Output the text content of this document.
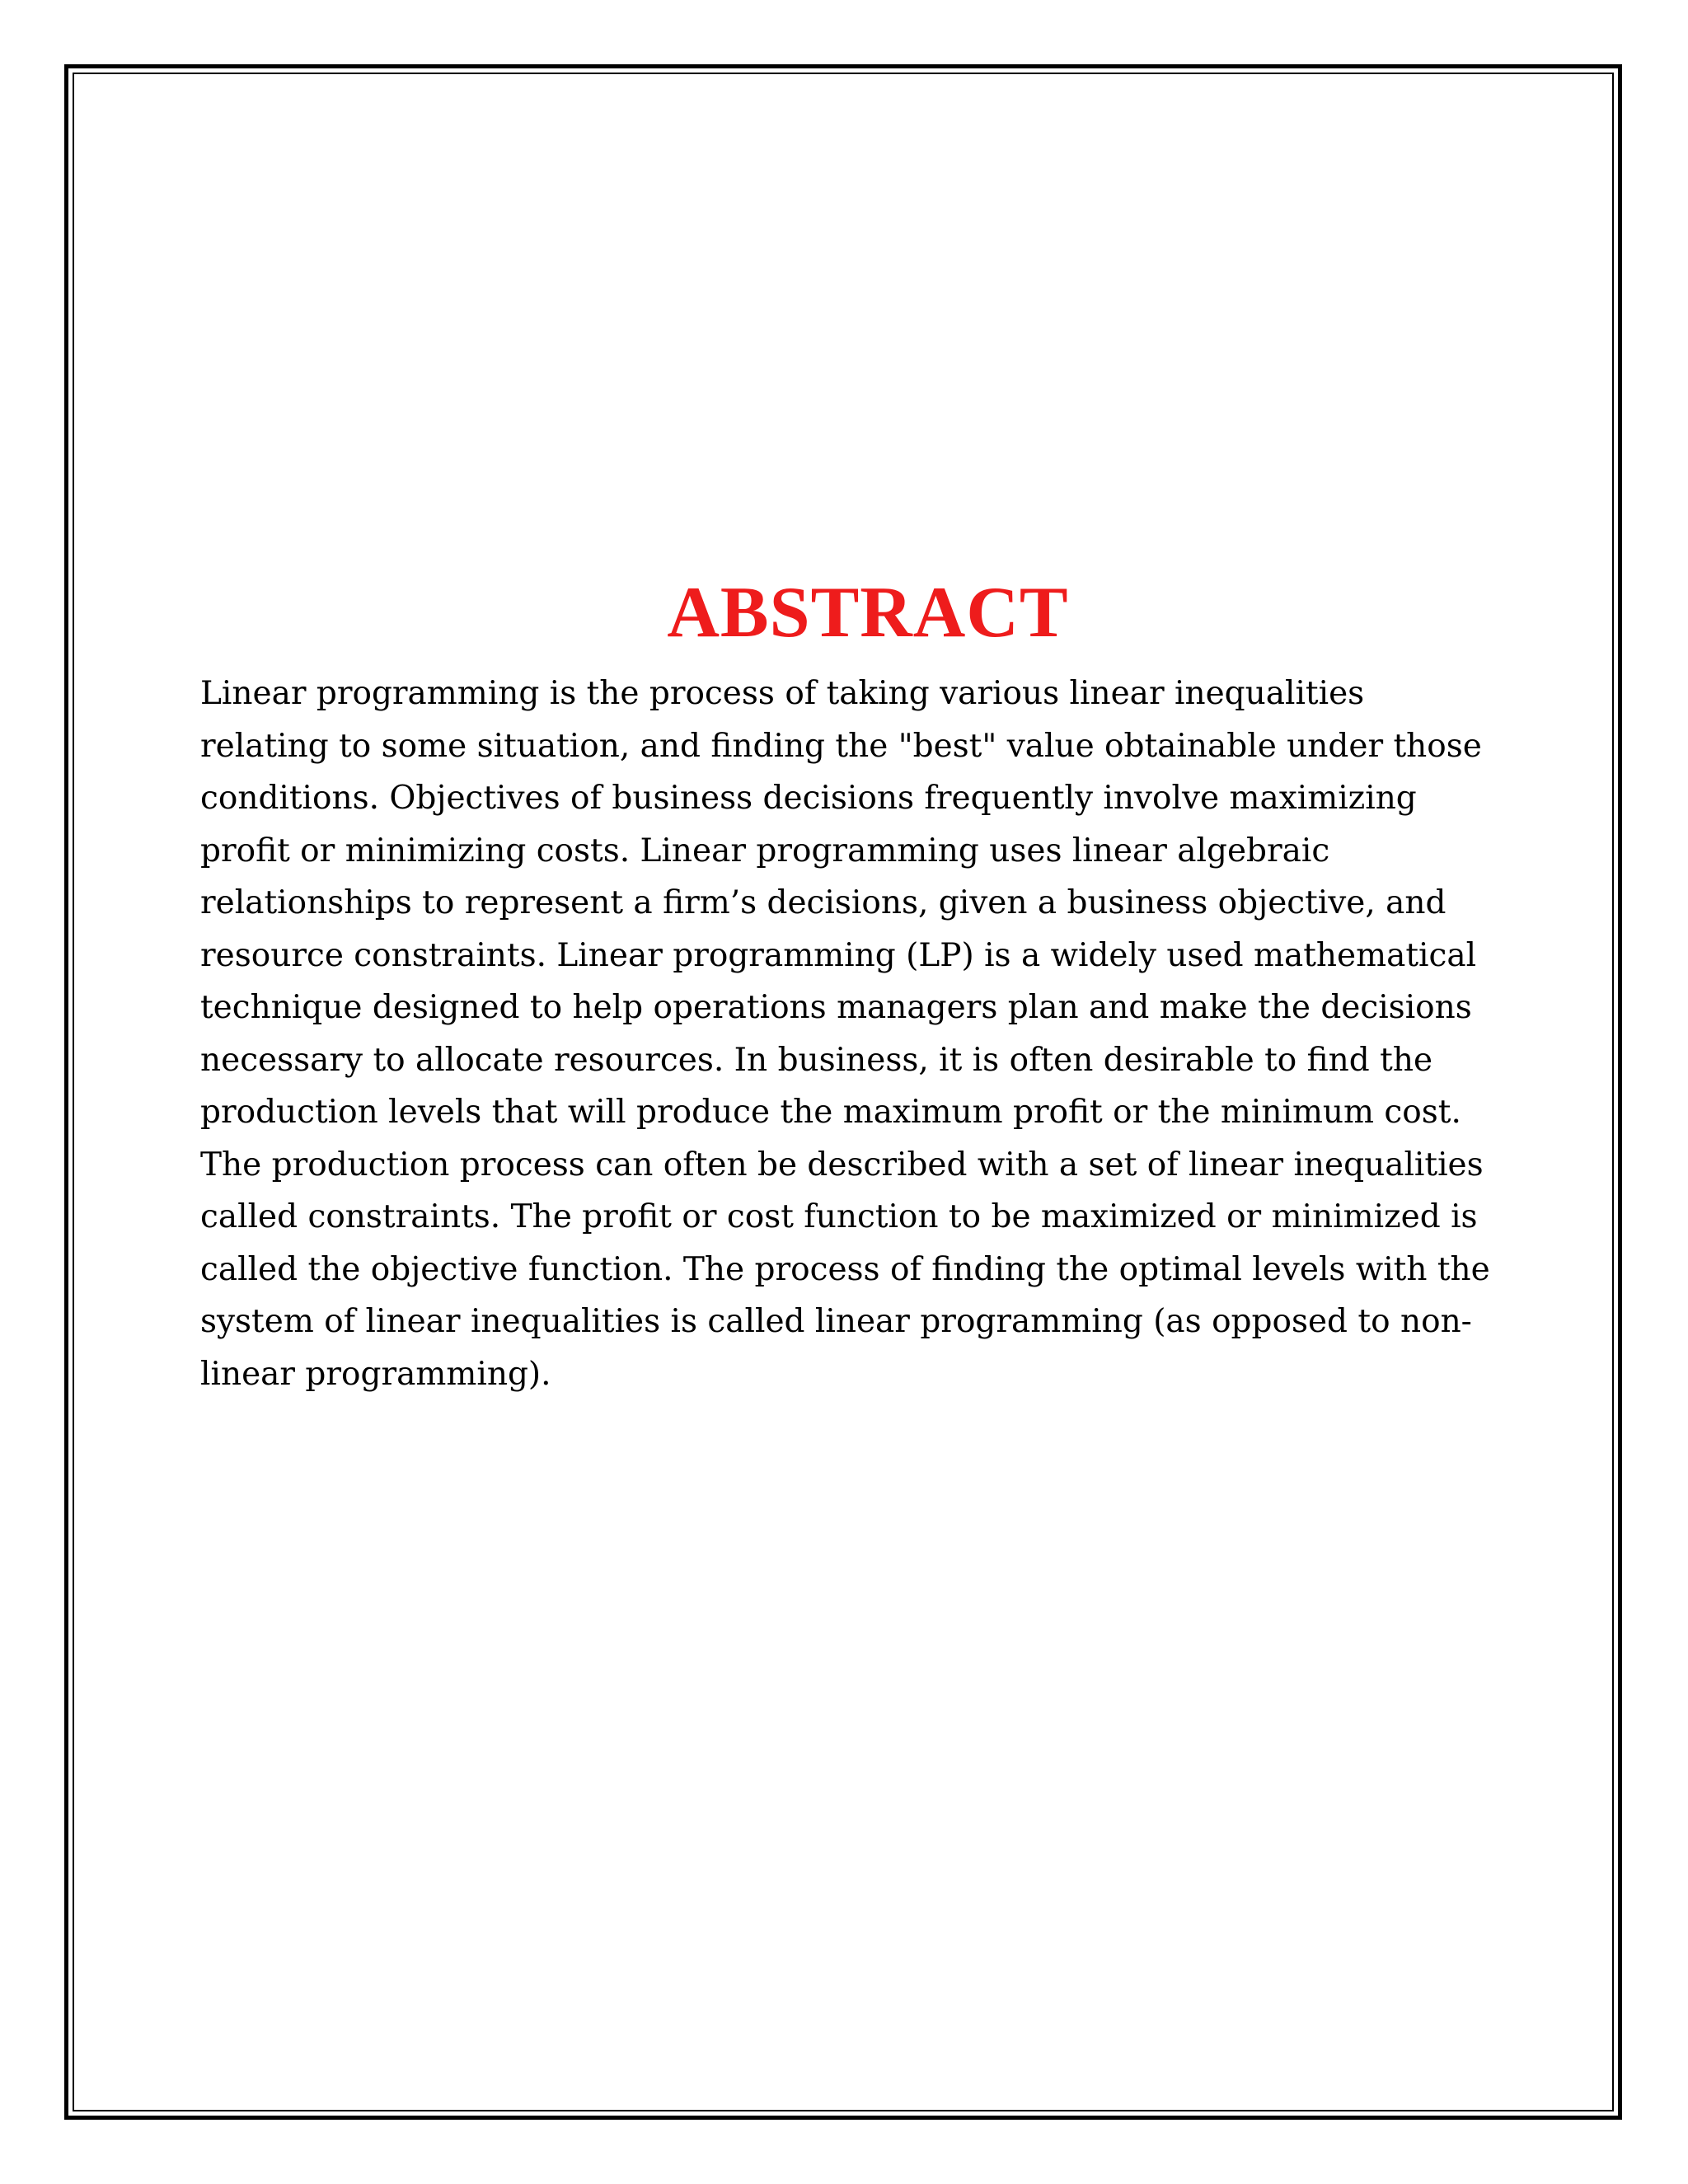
ABSTRACT

Linear programming is the process of taking various linear inequalities
relating to some situation, and finding the "best" value obtainable under those
conditions. Objectives of business decisions frequently involve maximizing
profit or minimizing costs. Linear programming uses linear algebraic
relationships to represent a firm’s decisions, given a business objective, and
resource constraints. Linear programming (LP) is a widely used mathematical
technique designed to help operations managers plan and make the decisions
necessary to allocate resources. In business, it is often desirable to find the
production levels that will produce the maximum profit or the minimum cost.
The production process can often be described with a set of linear inequalities
called constraints. The profit or cost function to be maximized or minimized is
called the objective function. The process of finding the optimal levels with the
system of linear inequalities is called linear programming (as opposed to non-
linear programming).
